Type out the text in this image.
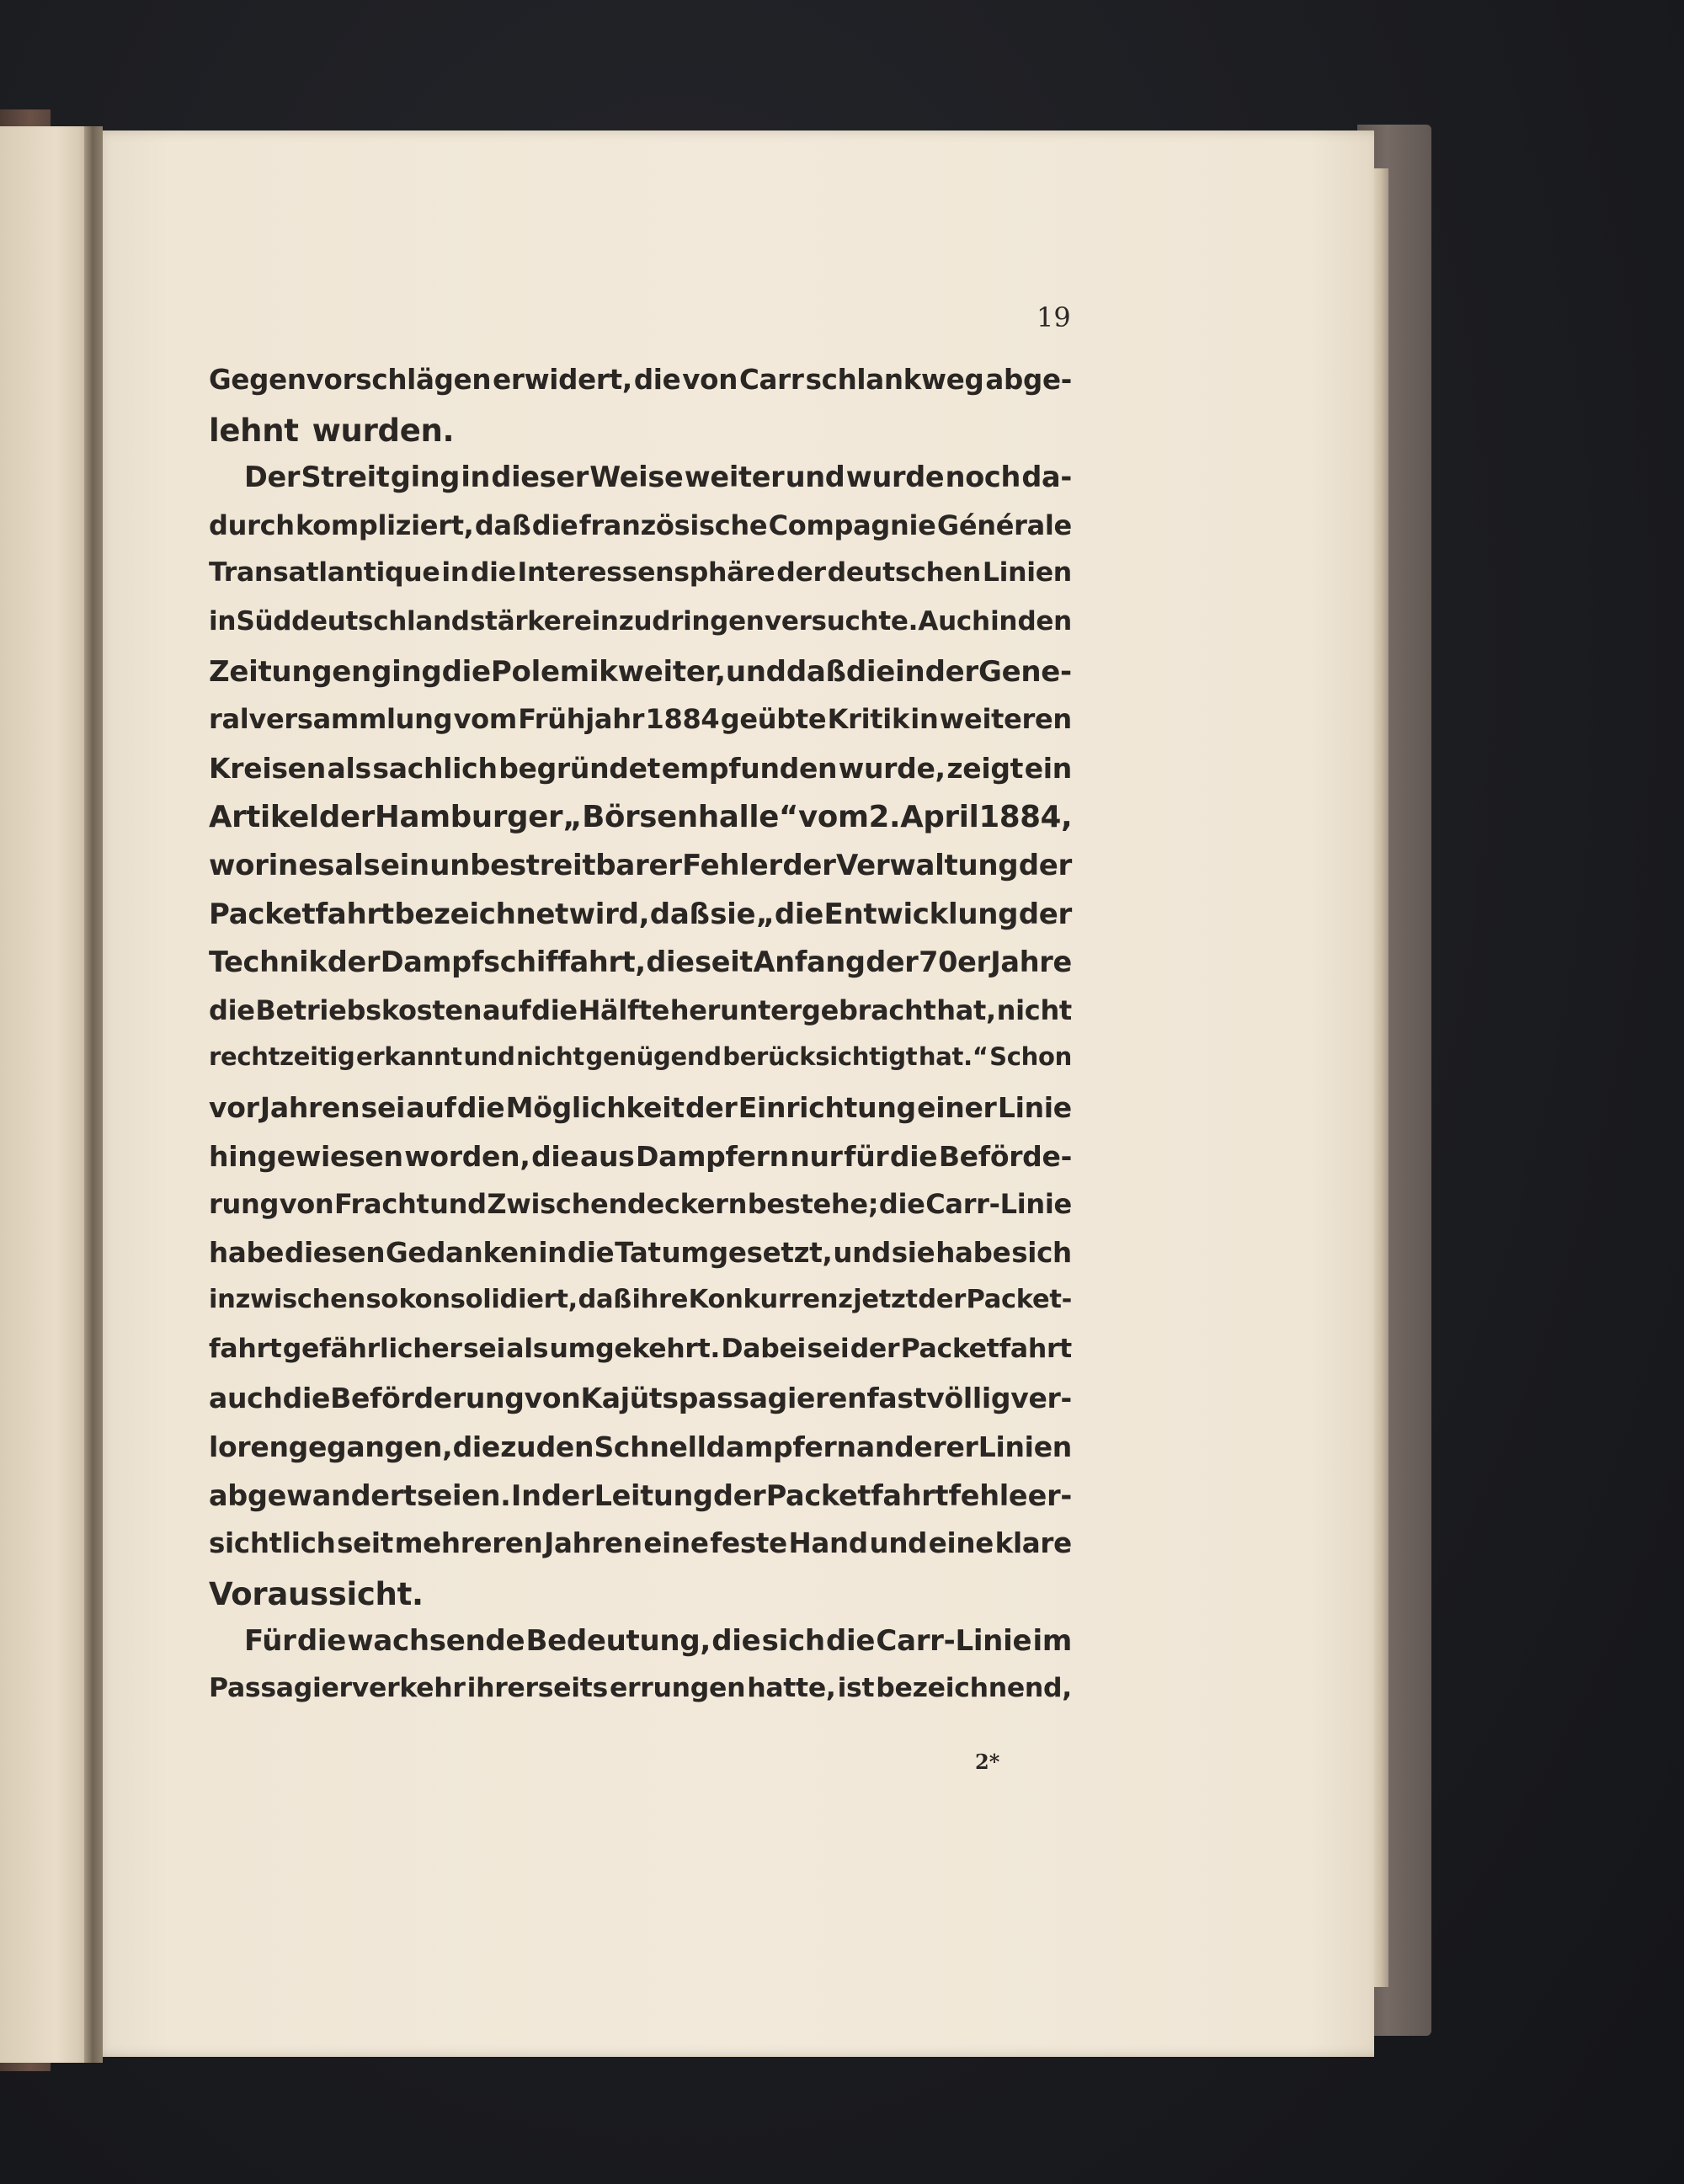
19
Gegenvorschlägen erwidert, die von Carr schlankweg abge-
lehnt wurden.
Der Streit ging in dieser Weise weiter und wurde noch da-
durch kompliziert, daß die französische Compagnie Générale
Transatlantique in die Interessensphäre der deutschen Linien
in Süddeutschland stärker einzudringen versuchte. Auch in den
Zeitungen ging die Polemik weiter, und daß die in der Gene-
ralversammlung vom Frühjahr 1884 geübte Kritik in weiteren
Kreisen als sachlich begründet empfunden wurde, zeigt ein
Artikel der Hamburger „Börsenhalle“ vom 2. April 1884,
worin es als ein unbestreitbarer Fehler der Verwaltung der
Packetfahrt bezeichnet wird, daß sie „die Entwicklung der
Technik der Dampfschiffahrt, die seit Anfang der 70er Jahre
die Betriebskosten auf die Hälfte heruntergebracht hat, nicht
rechtzeitig erkannt und nicht genügend berücksichtigt hat.“ Schon
vor Jahren sei auf die Möglichkeit der Einrichtung einer Linie
hingewiesen worden, die aus Dampfern nur für die Beförde-
rung von Fracht und Zwischendeckern bestehe; die Carr-Linie
habe diesen Gedanken in die Tat umgesetzt, und sie habe sich
inzwischen so konsolidiert, daß ihre Konkurrenz jetzt der Packet-
fahrt gefährlicher sei als umgekehrt. Dabei sei der Packetfahrt
auch die Beförderung von Kajütspassagieren fast völlig ver-
lorengegangen, die zu den Schnelldampfern anderer Linien
abgewandert seien. In der Leitung der Packetfahrt fehle er-
sichtlich seit mehreren Jahren eine feste Hand und eine klare
Voraussicht.
Für die wachsende Bedeutung, die sich die Carr-Linie im
Passagierverkehr ihrerseits errungen hatte, ist bezeichnend,
2*
